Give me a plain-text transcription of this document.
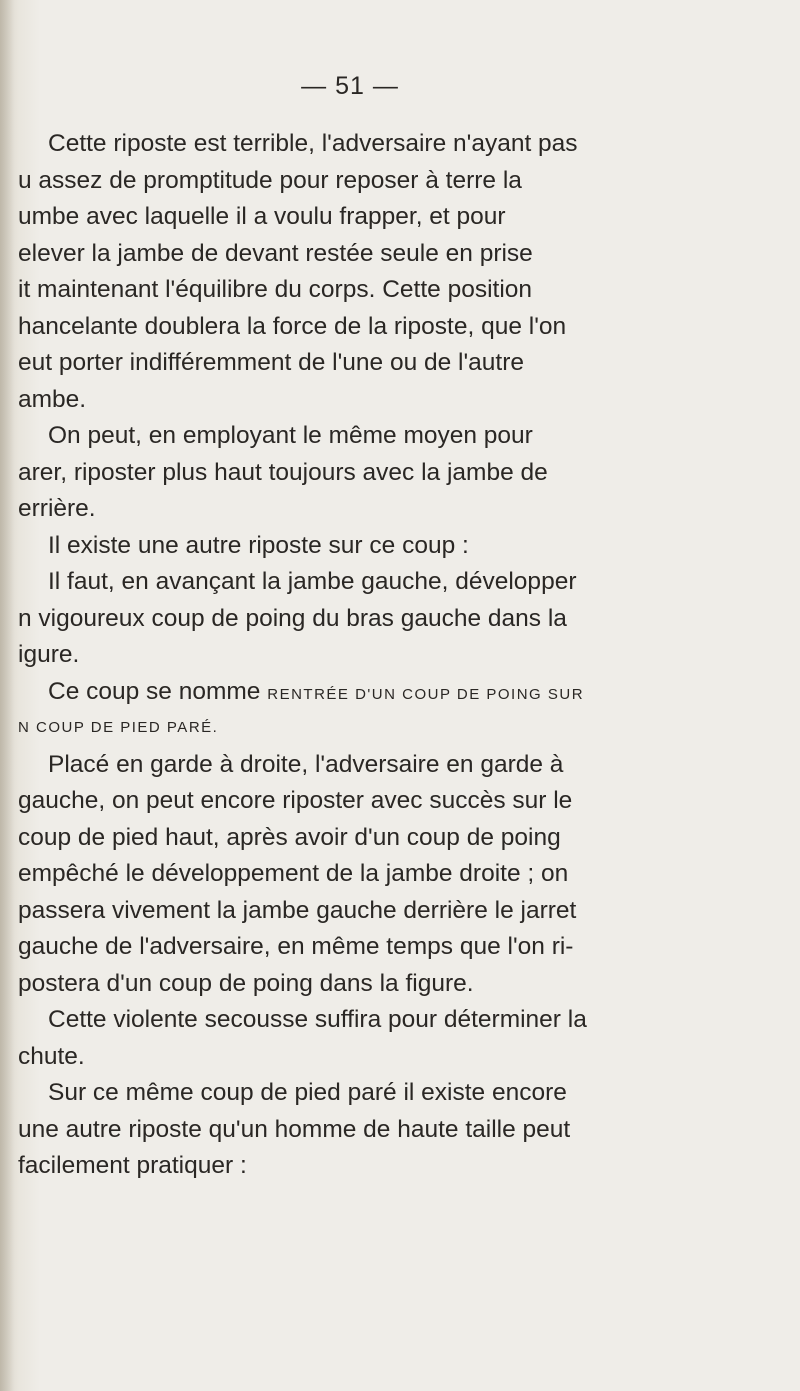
— 51 —
Cette riposte est terrible, l'adversaire n'ayant pas
u assez de promptitude pour reposer à terre la
umbe avec laquelle il a voulu frapper, et pour
elever la jambe de devant restée seule en prise
it maintenant l'équilibre du corps. Cette position
hancelante doublera la force de la riposte, que l'on
eut porter indifféremment de l'une ou de l'autre
ambe.
On peut, en employant le même moyen pour
arer, riposter plus haut toujours avec la jambe de
errière.
Il existe une autre riposte sur ce coup :
Il faut, en avançant la jambe gauche, développer
n vigoureux coup de poing du bras gauche dans la
igure.
Ce coup se nomme RENTRÉE D'UN COUP DE POING SUR
N COUP DE PIED PARÉ.
Placé en garde à droite, l'adversaire en garde à
gauche, on peut encore riposter avec succès sur le
coup de pied haut, après avoir d'un coup de poing
empêché le développement de la jambe droite ; on
passera vivement la jambe gauche derrière le jarret
gauche de l'adversaire, en même temps que l'on ri-
postera d'un coup de poing dans la figure.
Cette violente secousse suffira pour déterminer la
chute.
Sur ce même coup de pied paré il existe encore
une autre riposte qu'un homme de haute taille peut
facilement pratiquer :
